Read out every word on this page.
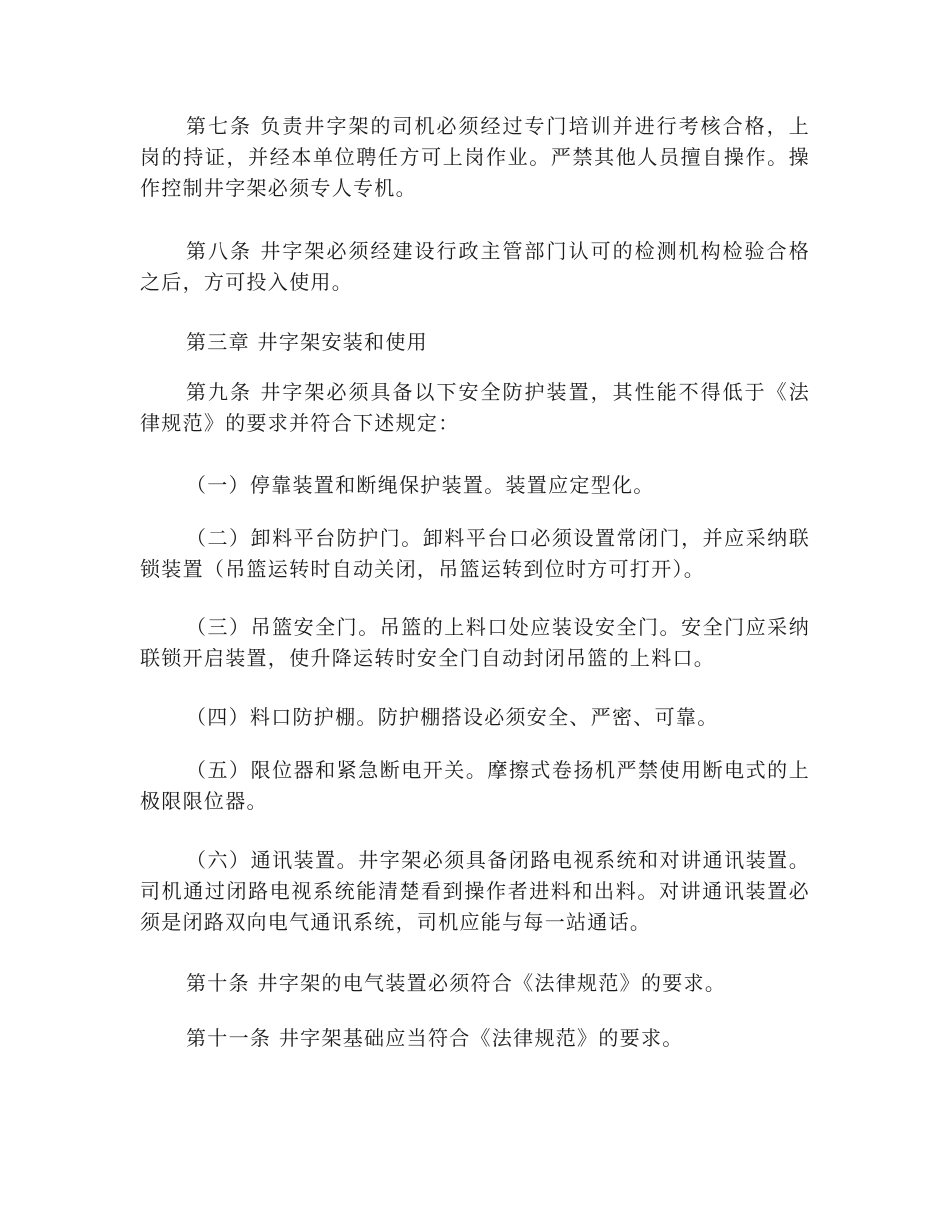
第七条 负责井字架的司机必须经过专门培训并进行考核合格，上岗的持证，并经本单位聘任方可上岗作业。严禁其他人员擅自操作。操作控制井字架必须专人专机。

第八条 井字架必须经建设行政主管部门认可的检测机构检验合格之后，方可投入使用。

第三章 井字架安装和使用

第九条 井字架必须具备以下安全防护装置，其性能不得低于《法律规范》的要求并符合下述规定：

（一）停靠装置和断绳保护装置。装置应定型化。

（二）卸料平台防护门。卸料平台口必须设置常闭门，并应采纳联锁装置（吊篮运转时自动关闭，吊篮运转到位时方可打开）。

（三）吊篮安全门。吊篮的上料口处应装设安全门。安全门应采纳联锁开启装置，使升降运转时安全门自动封闭吊篮的上料口。

（四）料口防护棚。防护棚搭设必须安全、严密、可靠。

（五）限位器和紧急断电开关。摩擦式卷扬机严禁使用断电式的上极限限位器。

（六）通讯装置。井字架必须具备闭路电视系统和对讲通讯装置。司机通过闭路电视系统能清楚看到操作者进料和出料。对讲通讯装置必须是闭路双向电气通讯系统，司机应能与每一站通话。

第十条 井字架的电气装置必须符合《法律规范》的要求。

第十一条 井字架基础应当符合《法律规范》的要求。
